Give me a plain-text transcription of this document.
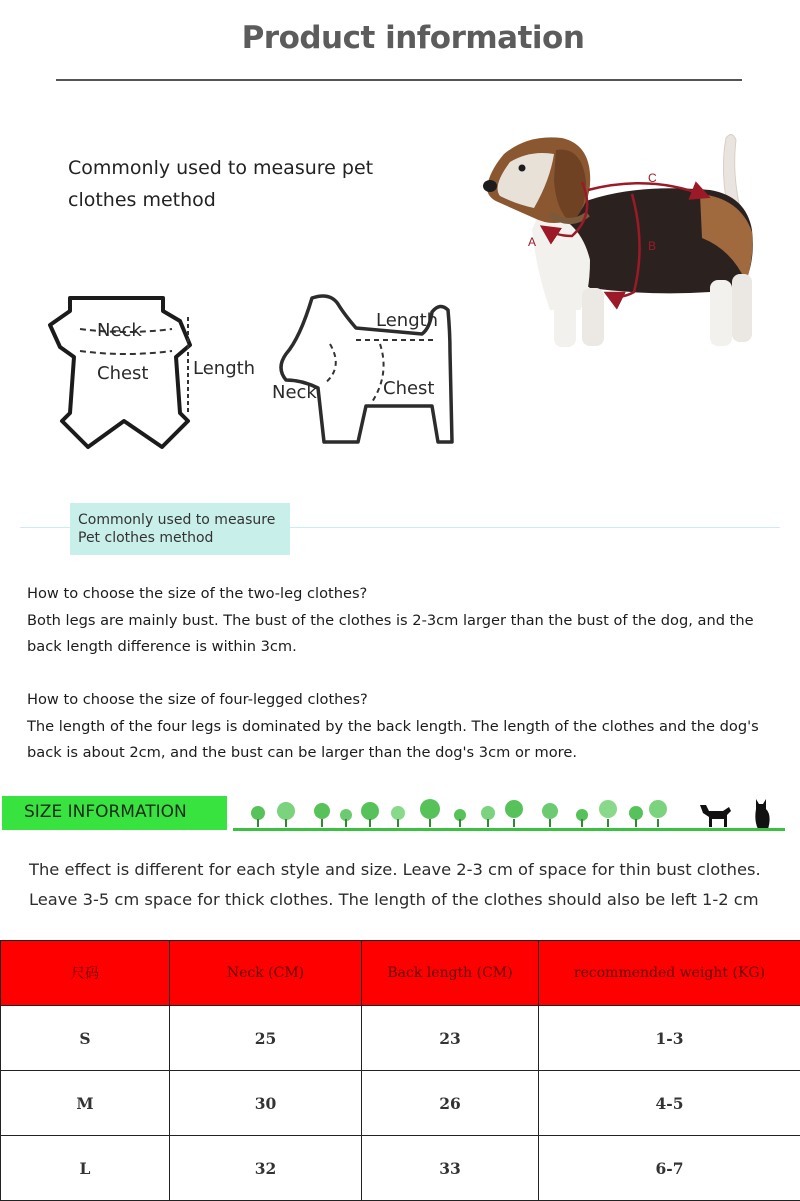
Product information
Commonly used to measure pet clothes method
A
C
B
Neck
Chest Length
Length
Neck	Chest
Commonly used to measure
Pet clothes method
How to choose the size of the two-leg clothes?
Both legs are mainly bust. The bust of the clothes is 2-3cm larger than the bust of the dog, and the back length difference is within 3cm.
How to choose the size of four-legged clothes?
The length of the four legs is dominated by the back length. The length of the clothes and the dog's back is about 2cm, and the bust can be larger than the dog's 3cm or more.
SIZE INFORMATION
The effect is different for each style and size. Leave 2-3 cm of space for thin bust clothes. Leave 3-5 cm space for thick clothes. The length of the clothes should also be left 1-2 cm
尺码	Neck (CM)	Back length (CM)	recommended weight (KG)
S	25	23	1-3
M	30	26	4-5
L	32	33	6-7
